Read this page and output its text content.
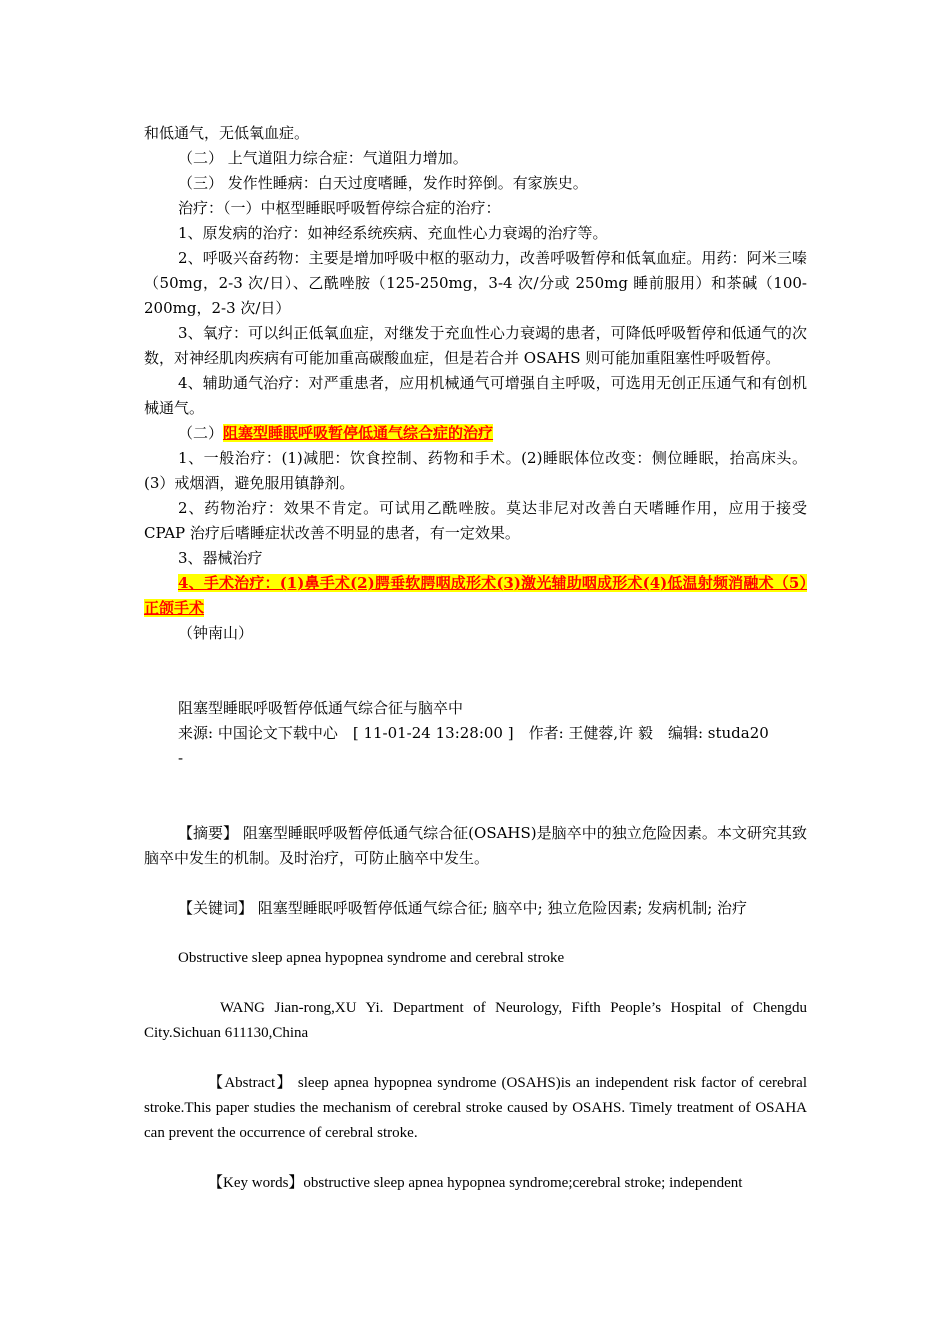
和低通气，无低氧血症。

（二） 上气道阻力综合症：气道阻力增加。

（三） 发作性睡病：白天过度嗜睡，发作时猝倒。有家族史。

治疗：（一）中枢型睡眠呼吸暂停综合症的治疗：

1、原发病的治疗：如神经系统疾病、充血性心力衰竭的治疗等。

2、呼吸兴奋药物：主要是增加呼吸中枢的驱动力，改善呼吸暂停和低氧血症。用药：阿米三嗪（50mg，2-3 次/日）、乙酰唑胺（125-250mg，3-4 次/分或 250mg 睡前服用）和茶碱（100-200mg，2-3 次/日）

3、氧疗：可以纠正低氧血症，对继发于充血性心力衰竭的患者，可降低呼吸暂停和低通气的次数，对神经肌肉疾病有可能加重高碳酸血症，但是若合并 OSAHS 则可能加重阻塞性呼吸暂停。

4、辅助通气治疗：对严重患者，应用机械通气可增强自主呼吸，可选用无创正压通气和有创机械通气。

（二）阻塞型睡眠呼吸暂停低通气综合症的治疗

1、一般治疗：(1)减肥：饮食控制、药物和手术。(2)睡眠体位改变：侧位睡眠，抬高床头。(3）戒烟酒，避免服用镇静剂。

2、药物治疗：效果不肯定。可试用乙酰唑胺。莫达非尼对改善白天嗜睡作用，应用于接受 CPAP 治疗后嗜睡症状改善不明显的患者，有一定效果。

3、器械治疗

4、手术治疗：(1)鼻手术(2)腭垂软腭咽成形术(3)激光辅助咽成形术(4)低温射频消融术（5）正颌手术

（钟南山）

阻塞型睡眠呼吸暂停低通气综合征与脑卒中

来源: 中国论文下载中心　[ 11-01-24 13:28:00 ]　作者: 王健蓉,许 毅　编辑: studa20

-

【摘要】 阻塞型睡眠呼吸暂停低通气综合征(OSAHS)是脑卒中的独立危险因素。本文研究其致脑卒中发生的机制。及时治疗，可防止脑卒中发生。

【关键词】 阻塞型睡眠呼吸暂停低通气综合征; 脑卒中; 独立危险因素; 发病机制; 治疗

Obstructive sleep apnea hypopnea syndrome and cerebral stroke

WANG Jian-rong,XU Yi. Department of Neurology, Fifth People’s Hospital of Chengdu City.Sichuan 611130,China

【Abstract】 sleep apnea hypopnea syndrome (OSAHS)is an independent risk factor of cerebral stroke.This paper studies the mechanism of cerebral stroke caused by OSAHS. Timely treatment of OSAHA can prevent the occurrence of cerebral stroke.

【Key words】obstructive sleep apnea hypopnea syndrome;cerebral stroke; independent
